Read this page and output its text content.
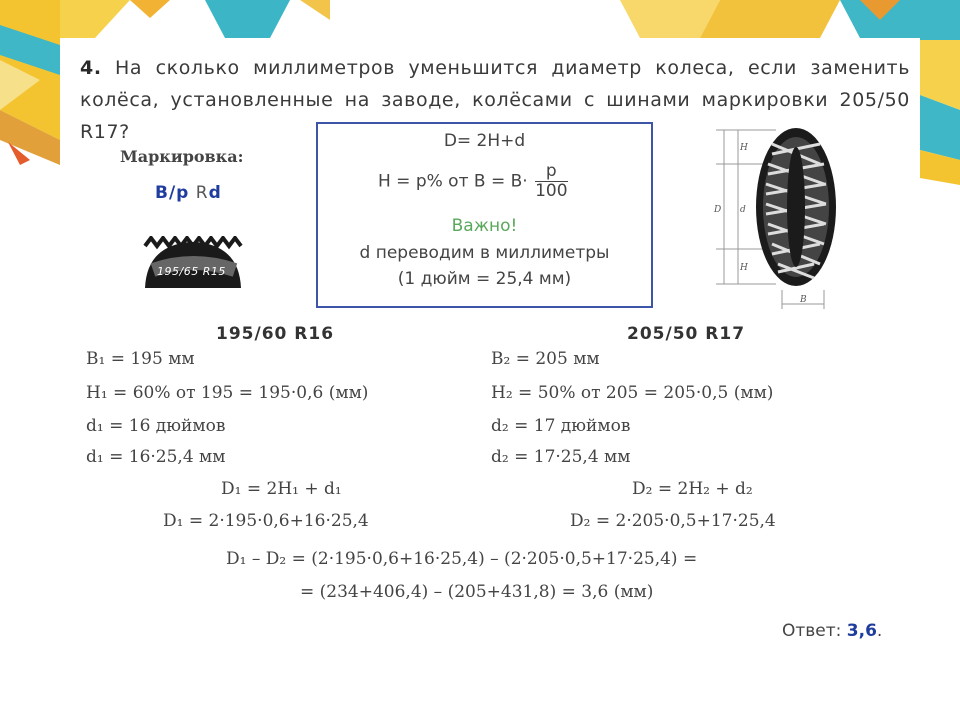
4. На сколько миллиметров уменьшится диаметр колеса, если заменить колёса, установленные на заводе, колёсами с шинами маркировки 205/50 R17?
Маркировка:
B/p Rd
195/65 R15
D= 2H+d
H = p% от $B = B\cdot \frac{p}{100}$
Важно!
d переводим в миллиметры
(1 дюйм = 25,4 мм)
H
D d
H
B
195/60 R16
B₁ = 195 мм
H₁ = 60% от 195 = 195·0,6 (мм)
d₁ = 16 дюймов
d₁ = 16·25,4 мм
D₁ = 2H₁ + d₁
D₁ = 2·195·0,6+16·25,4
205/50 R17
B₂ = 205 мм
H₂ = 50% от 205 = 205·0,5 (мм)
d₂ = 17 дюймов
d₂ = 17·25,4 мм
D₂ = 2H₂ + d₂
D₂ = 2·205·0,5+17·25,4
D₁ – D₂ = (2·195·0,6+16·25,4) – (2·205·0,5+17·25,4) =
= (234+406,4) – (205+431,8) = 3,6 (мм)
Ответ: 3,6.
